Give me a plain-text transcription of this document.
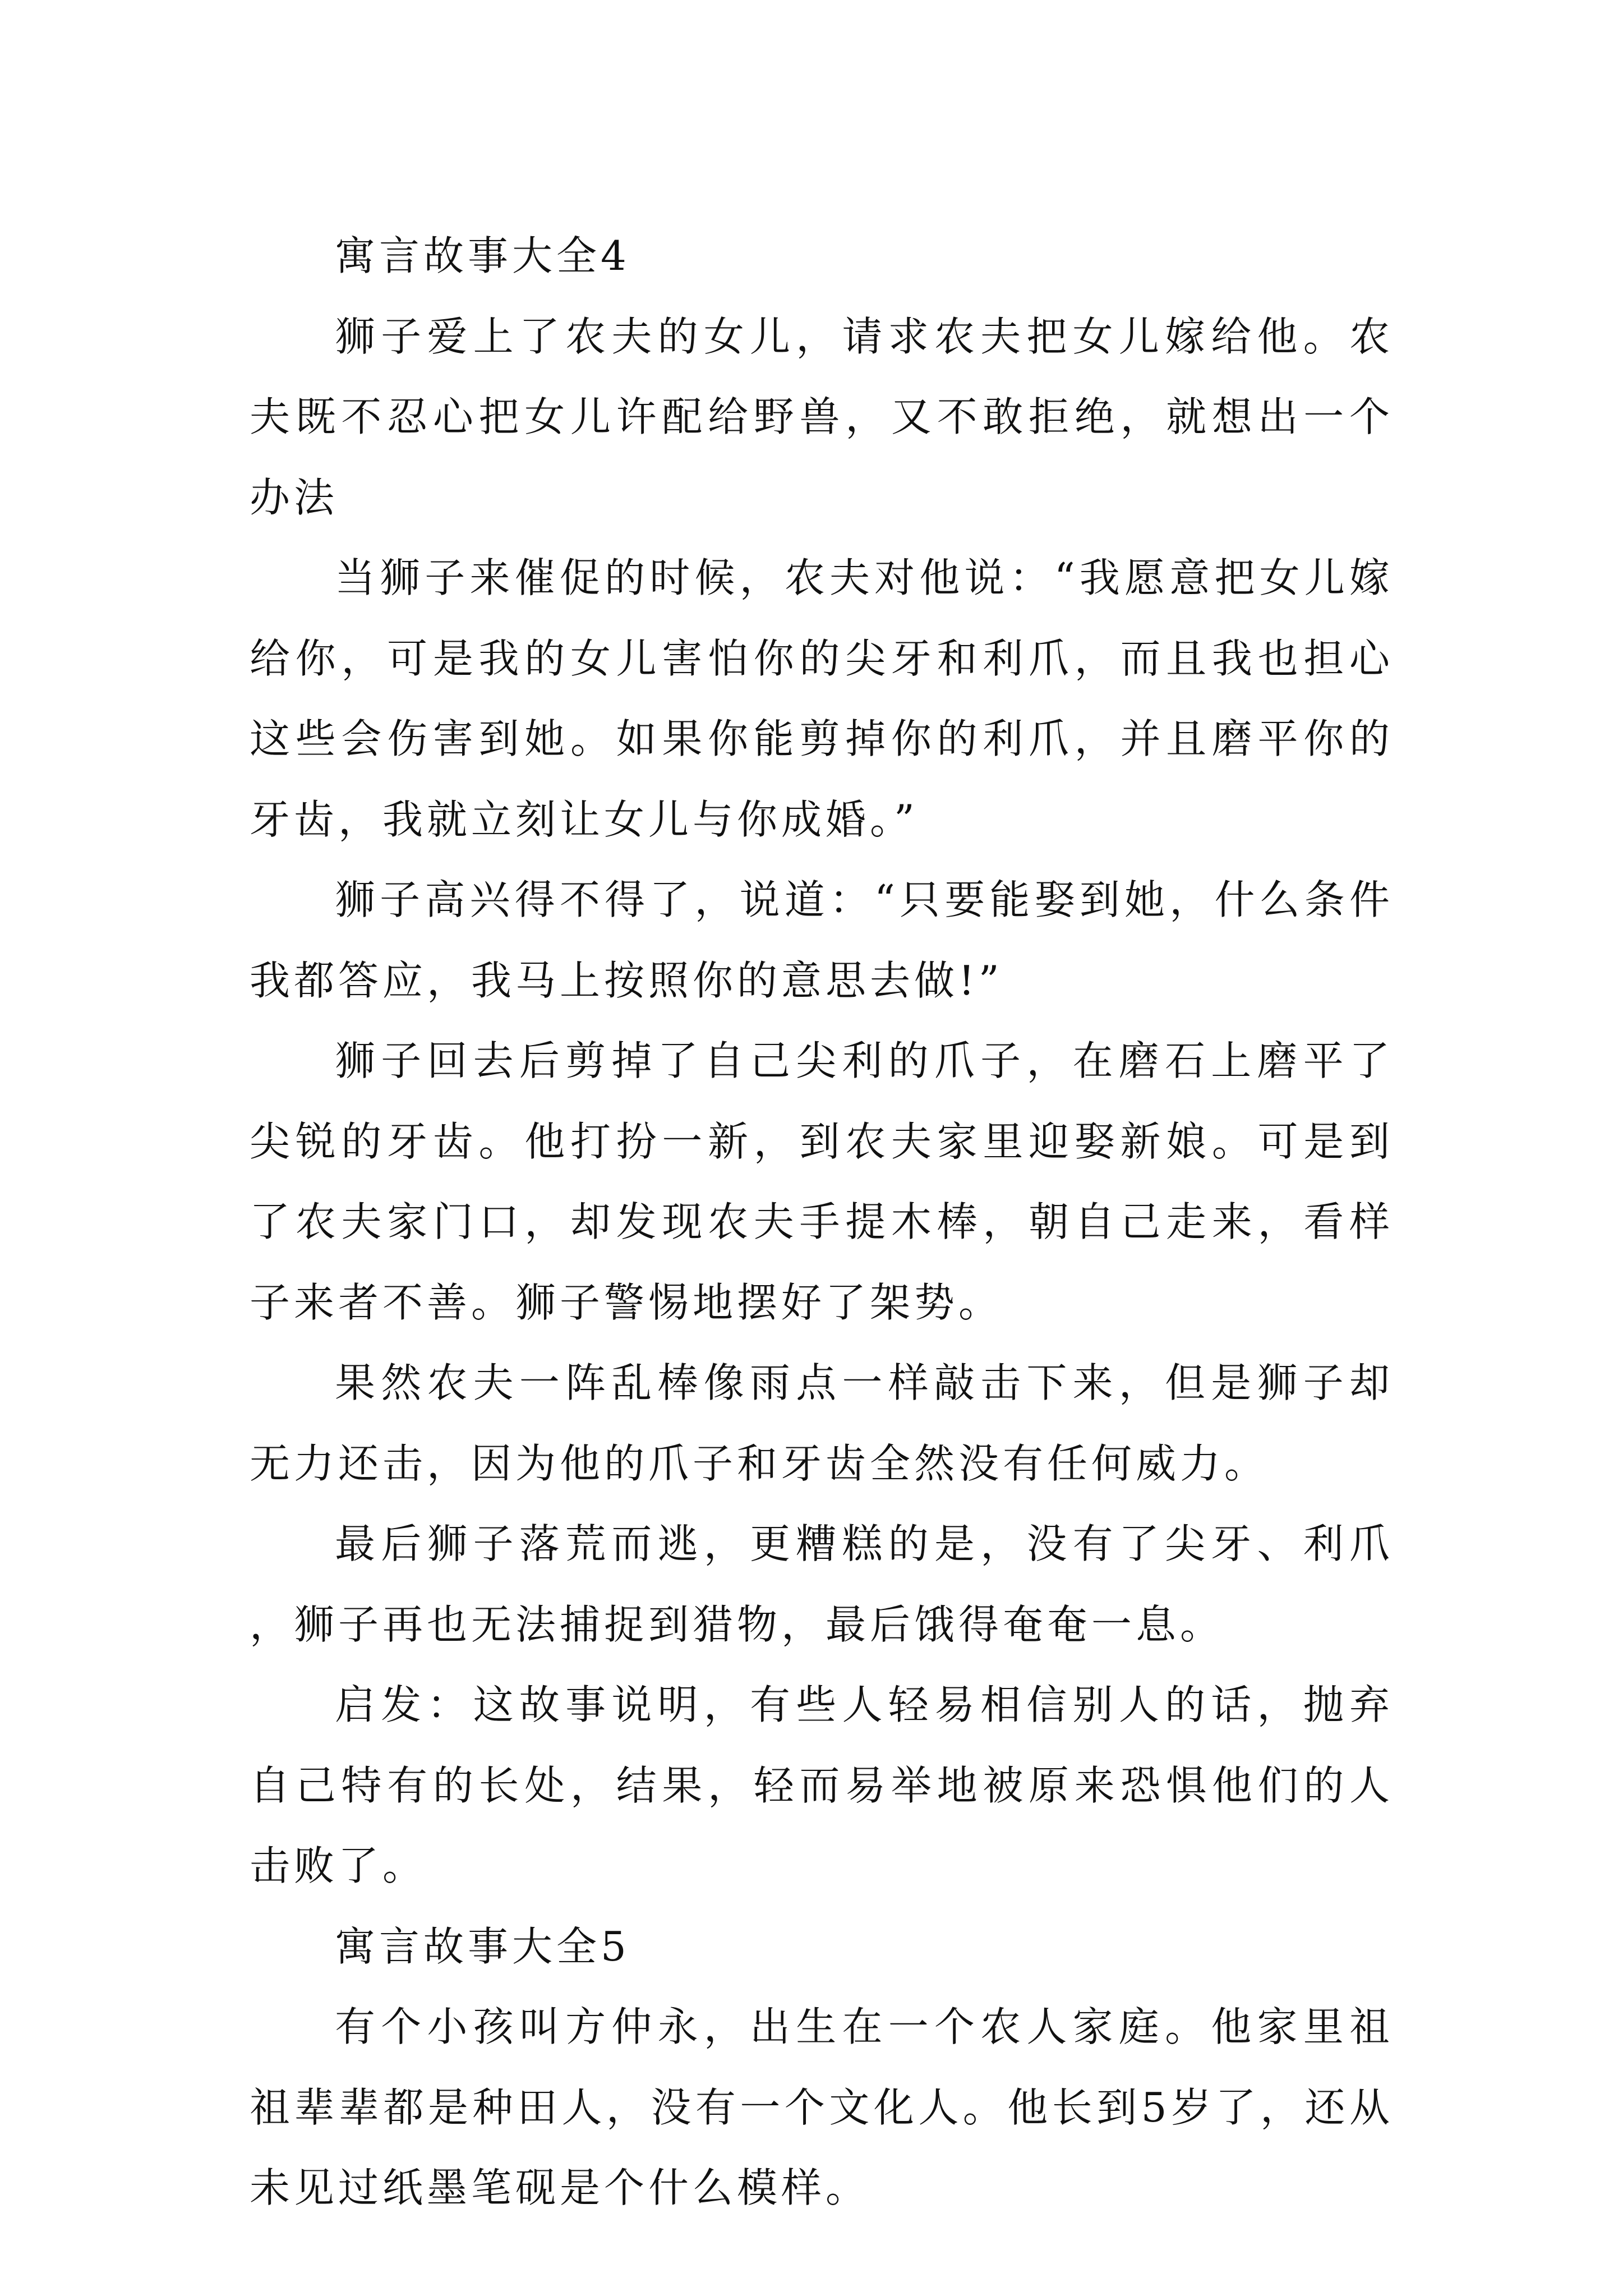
寓言故事大全4

狮子爱上了农夫的女儿，请求农夫把女儿嫁给他。农夫既不忍心把女儿许配给野兽，又不敢拒绝，就想出一个办法

当狮子来催促的时候，农夫对他说：“我愿意把女儿嫁给你，可是我的女儿害怕你的尖牙和利爪，而且我也担心这些会伤害到她。如果你能剪掉你的利爪，并且磨平你的牙齿，我就立刻让女儿与你成婚。”

狮子高兴得不得了，说道：“只要能娶到她，什么条件我都答应，我马上按照你的意思去做!”

狮子回去后剪掉了自己尖利的爪子，在磨石上磨平了尖锐的牙齿。他打扮一新，到农夫家里迎娶新娘。可是到了农夫家门口，却发现农夫手提木棒，朝自己走来，看样子来者不善。狮子警惕地摆好了架势。

果然农夫一阵乱棒像雨点一样敲击下来，但是狮子却无力还击，因为他的爪子和牙齿全然没有任何威力。

最后狮子落荒而逃，更糟糕的是，没有了尖牙、利爪，狮子再也无法捕捉到猎物，最后饿得奄奄一息。

启发：这故事说明，有些人轻易相信别人的话，抛弃自己特有的长处，结果，轻而易举地被原来恐惧他们的人击败了。

寓言故事大全5

有个小孩叫方仲永，出生在一个农人家庭。他家里祖祖辈辈都是种田人，没有一个文化人。他长到5岁了，还从未见过纸墨笔砚是个什么模样。
